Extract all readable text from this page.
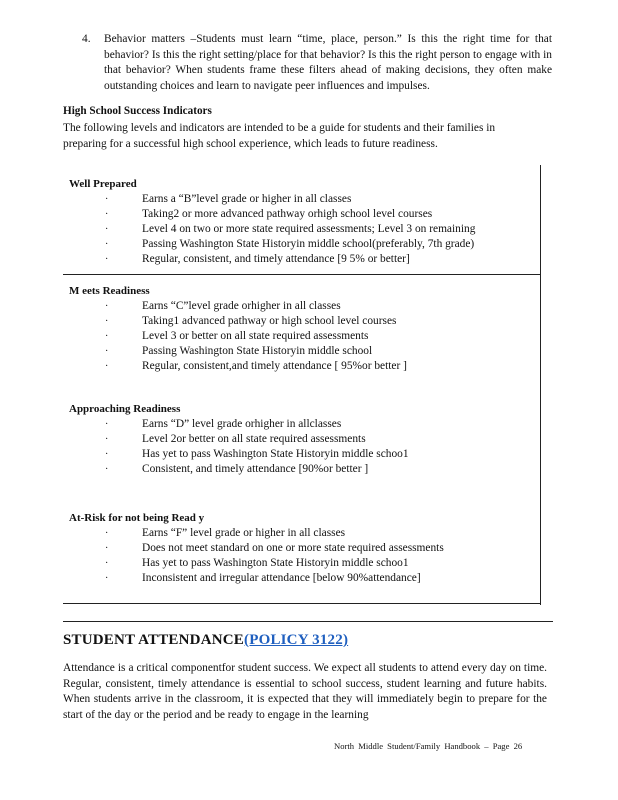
4. Behavior matters –Students must learn “time, place, person.” Is this the right time for that behavior? Is this the right setting/place for that behavior? Is this the right person to engage with in that behavior? When students frame these filters ahead of making decisions, they often make outstanding choices and learn to navigate peer influences and impulses.
High School Success Indicators
The following levels and indicators are intended to be a guide for students and their families in preparing for a successful high school experience, which leads to future readiness.
Well Prepared
·	Earns a “B”level grade or higher in all classes
·	Taking2 or more advanced pathway orhigh school level courses
·	Level 4 on two or more state required assessments; Level 3 on remaining
·	Passing Washington State Historyin middle school(preferably, 7th grade)
·	Regular, consistent, and timely attendance [9 5% or better]
M eets Readiness
·	Earns “C”level grade orhigher in all classes
·	Taking1 advanced pathway or high school level courses
·	Level 3 or better on all state required assessments
·	Passing Washington State Historyin middle school
·	Regular, consistent,and timely attendance [ 95%or better ]
Approaching Readiness
·	Earns “D” level grade orhigher in allclasses
·	Level 2or better on all state required assessments
·	Has yet to pass Washington State Historyin middle schoo1
·	Consistent, and timely attendance [90%or better ]
At-Risk for not being Read y
·	Earns “F” level grade or higher in all classes
·	Does not meet standard on one or more state required assessments
·	Has yet to pass Washington State Historyin middle schoo1
·	Inconsistent and irregular attendance [below 90%attendance]
STUDENT ATTENDANCE(POLICY 3122)
Attendance is a critical componentfor student success. We expect all students to attend every day on time. Regular, consistent, timely attendance is essential to school success, student learning and future habits. When students arrive in the classroom, it is expected that they will immediately begin to prepare for the start of the day or the period and be ready to engage in the learning
North Middle Student/Family Handbook – Page 26
